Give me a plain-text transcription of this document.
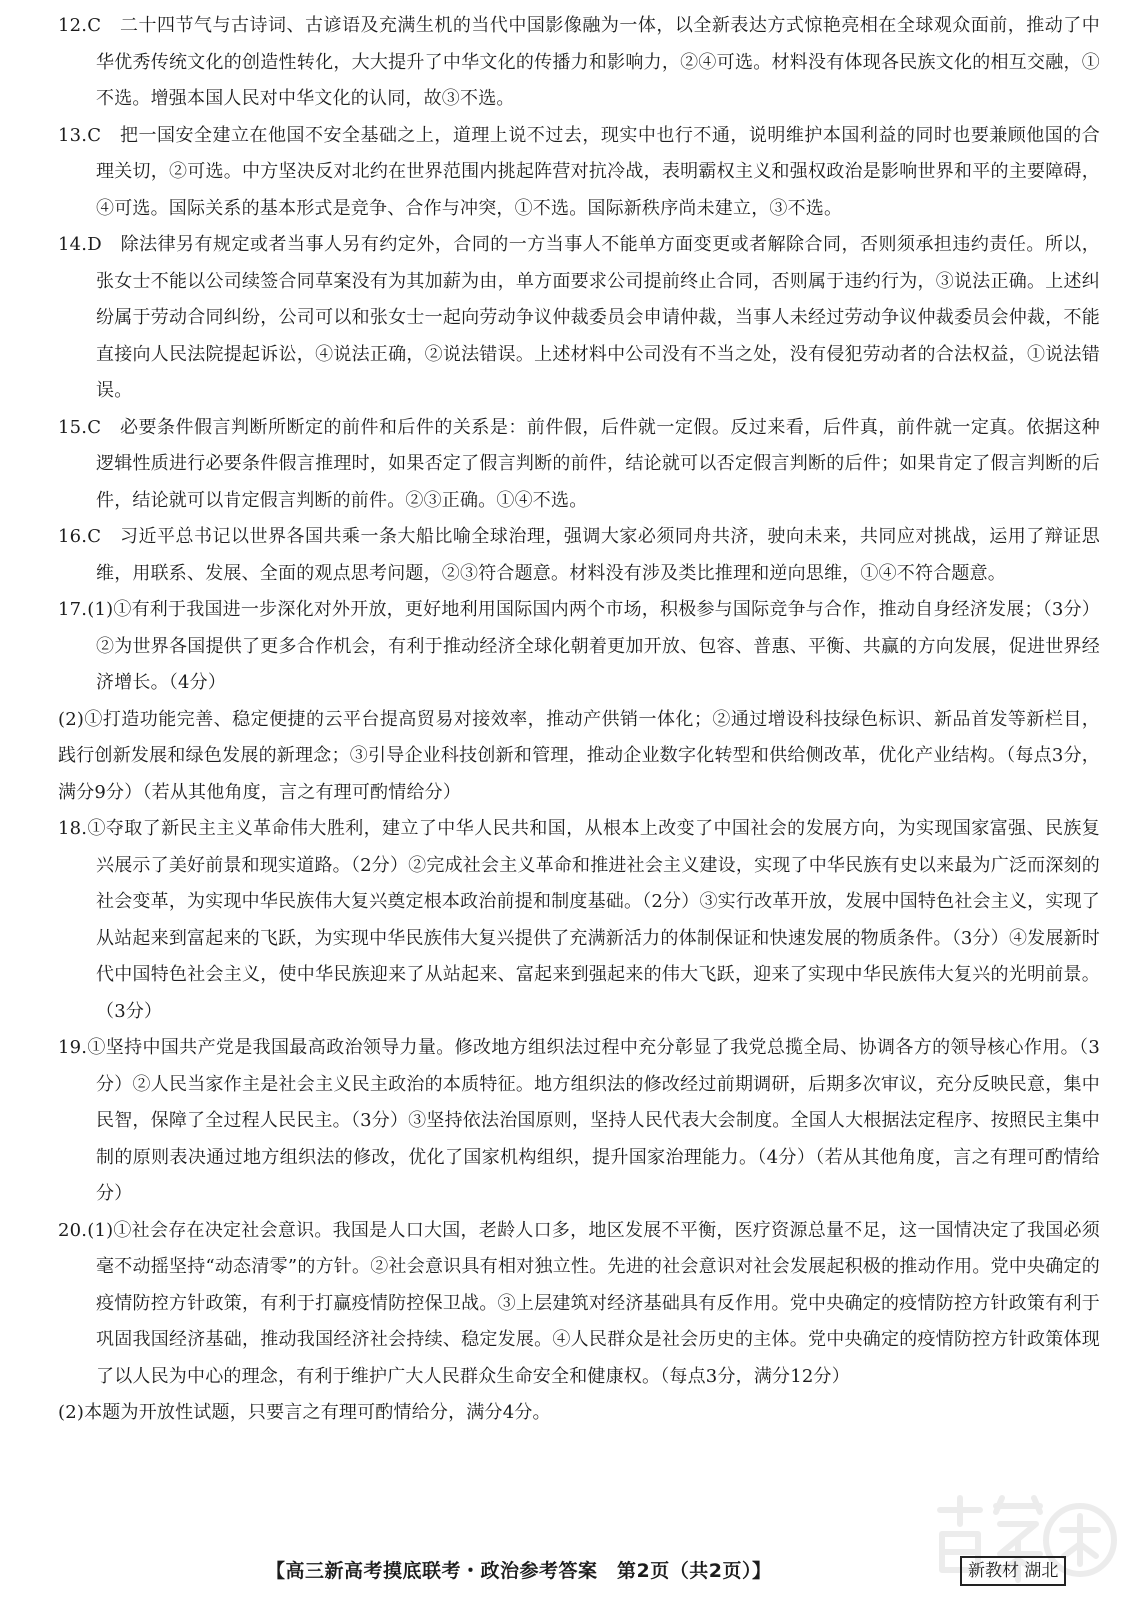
12.C　二十四节气与古诗词、古谚语及充满生机的当代中国影像融为一体，以全新表达方式惊艳亮相在全球观众面前，推动了中华优秀传统文化的创造性转化，大大提升了中华文化的传播力和影响力，②④可选。材料没有体现各民族文化的相互交融，①不选。增强本国人民对中华文化的认同，故③不选。

13.C　把一国安全建立在他国不安全基础之上，道理上说不过去，现实中也行不通，说明维护本国利益的同时也要兼顾他国的合理关切，②可选。中方坚决反对北约在世界范围内挑起阵营对抗冷战，表明霸权主义和强权政治是影响世界和平的主要障碍，④可选。国际关系的基本形式是竞争、合作与冲突，①不选。国际新秩序尚未建立，③不选。

14.D　除法律另有规定或者当事人另有约定外，合同的一方当事人不能单方面变更或者解除合同，否则须承担违约责任。所以，张女士不能以公司续签合同草案没有为其加薪为由，单方面要求公司提前终止合同，否则属于违约行为，③说法正确。上述纠纷属于劳动合同纠纷，公司可以和张女士一起向劳动争议仲裁委员会申请仲裁，当事人未经过劳动争议仲裁委员会仲裁，不能直接向人民法院提起诉讼，④说法正确，②说法错误。上述材料中公司没有不当之处，没有侵犯劳动者的合法权益，①说法错误。

15.C　必要条件假言判断所断定的前件和后件的关系是：前件假，后件就一定假。反过来看，后件真，前件就一定真。依据这种逻辑性质进行必要条件假言推理时，如果否定了假言判断的前件，结论就可以否定假言判断的后件；如果肯定了假言判断的后件，结论就可以肯定假言判断的前件。②③正确。①④不选。

16.C　习近平总书记以世界各国共乘一条大船比喻全球治理，强调大家必须同舟共济，驶向未来，共同应对挑战，运用了辩证思维，用联系、发展、全面的观点思考问题，②③符合题意。材料没有涉及类比推理和逆向思维，①④不符合题意。

17.(1)①有利于我国进一步深化对外开放，更好地利用国际国内两个市场，积极参与国际竞争与合作，推动自身经济发展；（3分）②为世界各国提供了更多合作机会，有利于推动经济全球化朝着更加开放、包容、普惠、平衡、共赢的方向发展，促进世界经济增长。（4分）

(2)①打造功能完善、稳定便捷的云平台提高贸易对接效率，推动产供销一体化；②通过增设科技绿色标识、新品首发等新栏目，践行创新发展和绿色发展的新理念；③引导企业科技创新和管理，推动企业数字化转型和供给侧改革，优化产业结构。（每点3分，满分9分）（若从其他角度，言之有理可酌情给分）

18.①夺取了新民主主义革命伟大胜利，建立了中华人民共和国，从根本上改变了中国社会的发展方向，为实现国家富强、民族复兴展示了美好前景和现实道路。（2分）②完成社会主义革命和推进社会主义建设，实现了中华民族有史以来最为广泛而深刻的社会变革，为实现中华民族伟大复兴奠定根本政治前提和制度基础。（2分）③实行改革开放，发展中国特色社会主义，实现了从站起来到富起来的飞跃，为实现中华民族伟大复兴提供了充满新活力的体制保证和快速发展的物质条件。（3分）④发展新时代中国特色社会主义，使中华民族迎来了从站起来、富起来到强起来的伟大飞跃，迎来了实现中华民族伟大复兴的光明前景。（3分）

19.①坚持中国共产党是我国最高政治领导力量。修改地方组织法过程中充分彰显了我党总揽全局、协调各方的领导核心作用。（3分）②人民当家作主是社会主义民主政治的本质特征。地方组织法的修改经过前期调研，后期多次审议，充分反映民意，集中民智，保障了全过程人民民主。（3分）③坚持依法治国原则，坚持人民代表大会制度。全国人大根据法定程序、按照民主集中制的原则表决通过地方组织法的修改，优化了国家机构组织，提升国家治理能力。（4分）（若从其他角度，言之有理可酌情给分）

20.(1)①社会存在决定社会意识。我国是人口大国，老龄人口多，地区发展不平衡，医疗资源总量不足，这一国情决定了我国必须毫不动摇坚持“动态清零”的方针。②社会意识具有相对独立性。先进的社会意识对社会发展起积极的推动作用。党中央确定的疫情防控方针政策，有利于打赢疫情防控保卫战。③上层建筑对经济基础具有反作用。党中央确定的疫情防控方针政策有利于巩固我国经济基础，推动我国经济社会持续、稳定发展。④人民群众是社会历史的主体。党中央确定的疫情防控方针政策体现了以人民为中心的理念，有利于维护广大人民群众生命安全和健康权。（每点3分，满分12分）

(2)本题为开放性试题，只要言之有理可酌情给分，满分4分。

【高三新高考摸底联考・政治参考答案　第2页（共2页）】	新教材 湖北
